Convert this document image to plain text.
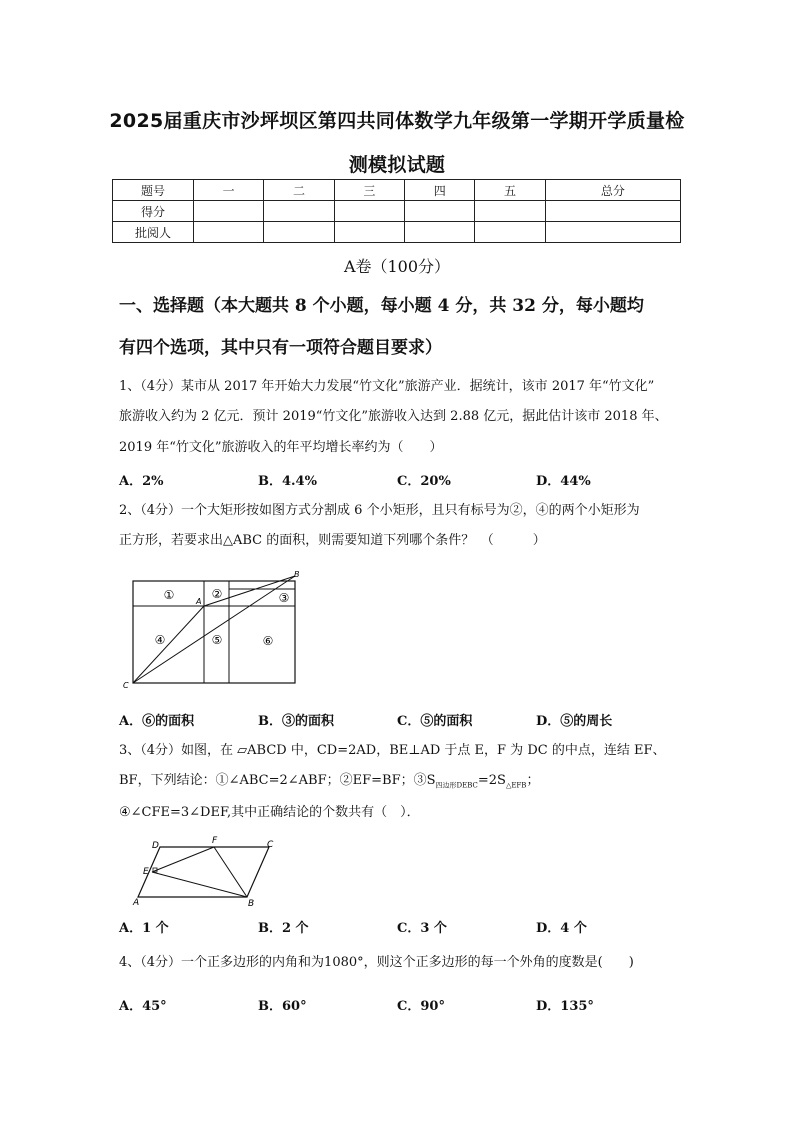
2025届重庆市沙坪坝区第四共同体数学九年级第一学期开学质量检
测模拟试题
题号	一	二	三	四	五	总分
得分						
批阅人						
A卷（100分）
一、选择题（本大题共 8 个小题，每小题 4 分，共 32 分，每小题均
有四个选项，其中只有一项符合题目要求）
1、（4分）某市从 2017 年开始大力发展“竹文化”旅游产业．据统计，该市 2017 年“竹文化”
旅游收入约为 2 亿元．预计 2019“竹文化”旅游收入达到 2.88 亿元，据此估计该市 2018 年、
2019 年“竹文化”旅游收入的年平均增长率约为（　　）
A．2%	B．4.4%	C．20%	D．44%
2、（4分）一个大矩形按如图方式分割成 6 个小矩形，且只有标号为②，④的两个小矩形为
正方形，若要求出△ABC 的面积，则需要知道下列哪个条件？　（　　　）
①	②	③
④	⑤	⑥
A
B
C
A．⑥的面积	B．③的面积	C．⑤的面积	D．⑤的周长
3、（4分）如图，在 ▱ABCD 中，CD=2AD，BE⊥AD 于点 E，F 为 DC 的中点，连结 EF、
BF，下列结论：①∠ABC=2∠ABF；②EF=BF；$③S_{四边形DEBC}=2S_{\triangle EFB}$；
④∠CFE=3∠DEF,其中正确结论的个数共有（　）．
D	F	C
E
A	B
A．1 个	B．2 个	C．3 个	D．4 个
4、（4分）一个正多边形的内角和为1080°，则这个正多边形的每一个外角的度数是(　　)
A．45°	B．60°	C．90°	D．135°
